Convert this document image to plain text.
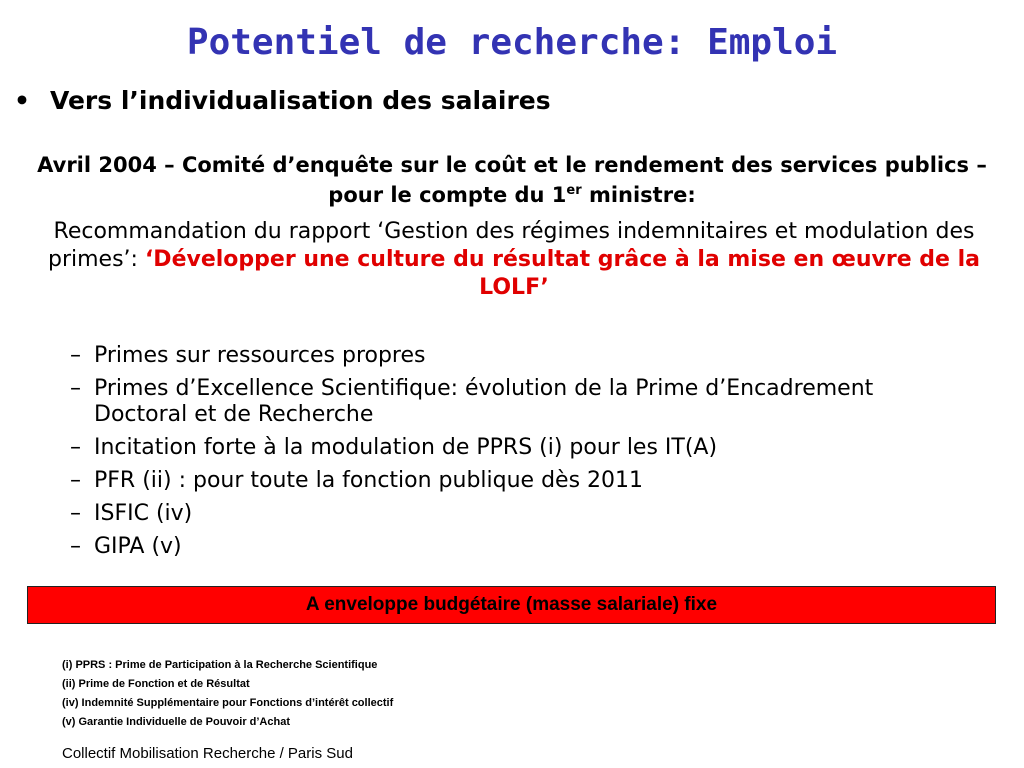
Potentiel de recherche: Emploi
• Vers l’individualisation des salaires
Avril 2004 – Comité d’enquête sur le coût et le rendement des services publics – pour le compte du 1er ministre:
Recommandation du rapport ‘Gestion des régimes indemnitaires et modulation des primes’: ‘Développer une culture du résultat grâce à la mise en œuvre de la LOLF’
– Primes sur ressources propres
– Primes d’Excellence Scientifique: évolution de la Prime d’Encadrement Doctoral et de Recherche
– Incitation forte à la modulation de PPRS (i) pour les IT(A)
– PFR (ii) : pour toute la fonction publique dès 2011
– ISFIC (iv)
– GIPA (v)
A enveloppe budgétaire (masse salariale) fixe
(i) PPRS : Prime de Participation à la Recherche Scientifique
(ii) Prime de Fonction et de Résultat
(iv) Indemnité Supplémentaire pour Fonctions d’intérêt collectif
(v) Garantie Individuelle de Pouvoir d’Achat
Collectif Mobilisation Recherche / Paris Sud
